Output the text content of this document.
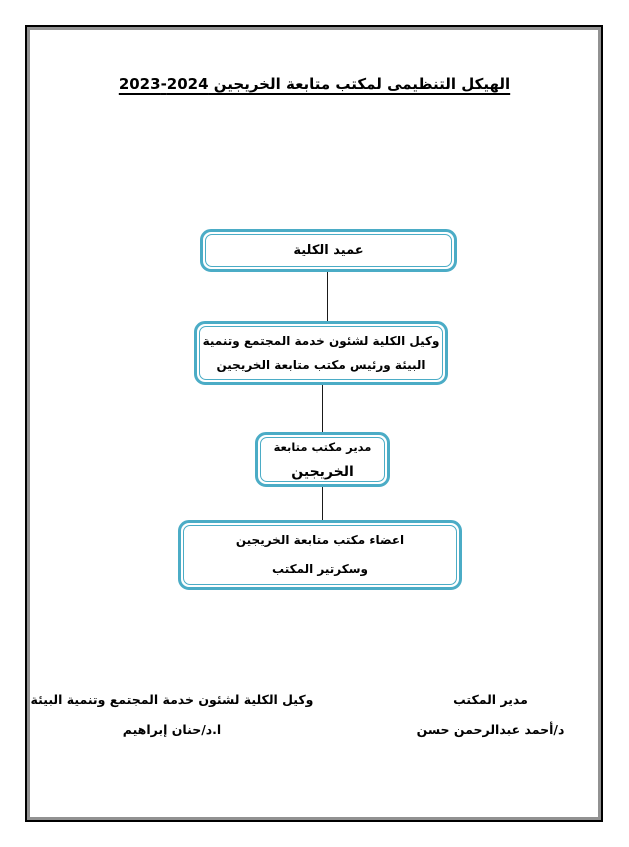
الهيكل التنظيمى لمكتب متابعة الخريجين 2024-2023
عميد الكلية
وكيل الكلية لشئون خدمة المجتمع وتنمية
البيئة ورئيس مكتب متابعة الخريجين
مدير مكتب متابعة
الخريجين
اعضاء مكتب متابعة الخريجين
وسكرتير المكتب
مدير المكتب
د/أحمد عبدالرحمن حسن
وكيل الكلية لشئون خدمة المجتمع وتنمية البيئة
ا.د/حنان إبراهيم
